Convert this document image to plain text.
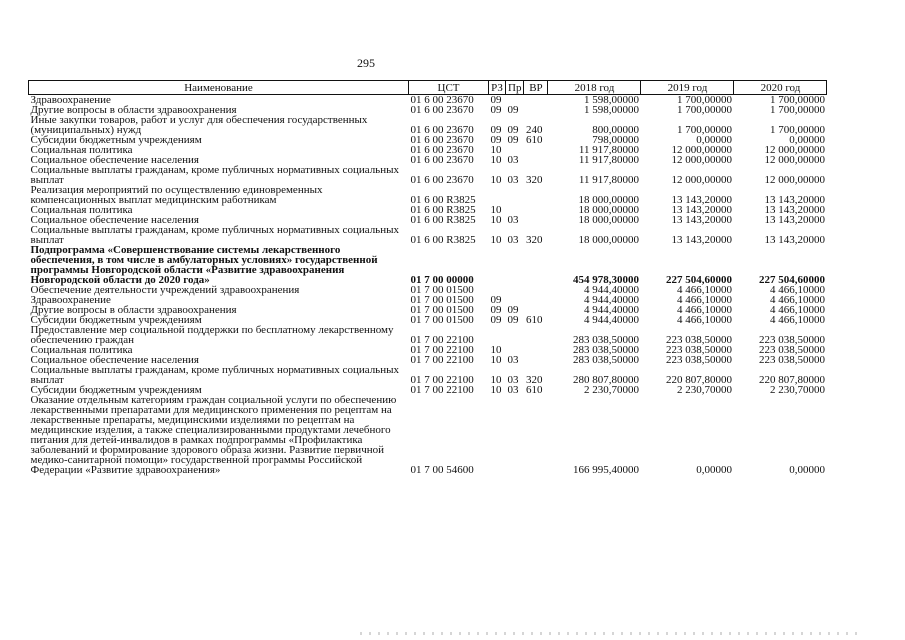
295
Наименование	ЦСТ	РЗ	Пр	ВР	2018 год	2019 год	2020 год
Здравоохранение	01 6 00 23670	09			1 598,00000	1 700,00000	1 700,00000
Другие вопросы в области здравоохранения	01 6 00 23670	09	09		1 598,00000	1 700,00000	1 700,00000
Иные закупки товаров, работ и услуг для обеспечения государственных (муниципальных) нужд	01 6 00 23670	09	09	240	800,00000	1 700,00000	1 700,00000
Субсидии бюджетным учреждениям	01 6 00 23670	09	09	610	798,00000	0,00000	0,00000
Социальная политика	01 6 00 23670	10			11 917,80000	12 000,00000	12 000,00000
Социальное обеспечение населения	01 6 00 23670	10	03		11 917,80000	12 000,00000	12 000,00000
Социальные выплаты гражданам, кроме публичных нормативных социальных выплат	01 6 00 23670	10	03	320	11 917,80000	12 000,00000	12 000,00000
Реализация мероприятий по осуществлению единовременных компенсационных выплат медицинским работникам	01 6 00 R3825				18 000,00000	13 143,20000	13 143,20000
Социальная политика	01 6 00 R3825	10			18 000,00000	13 143,20000	13 143,20000
Социальное обеспечение населения	01 6 00 R3825	10	03		18 000,00000	13 143,20000	13 143,20000
Социальные выплаты гражданам, кроме публичных нормативных социальных выплат	01 6 00 R3825	10	03	320	18 000,00000	13 143,20000	13 143,20000
Подпрограмма «Совершенствование системы лекарственного обеспечения, в том числе в амбулаторных условиях» государственной программы Новгородской области «Развитие здравоохранения Новгородской области до 2020 года»	01 7 00 00000				454 978,30000	227 504,60000	227 504,60000
Обеспечение деятельности учреждений здравоохранения	01 7 00 01500				4 944,40000	4 466,10000	4 466,10000
Здравоохранение	01 7 00 01500	09			4 944,40000	4 466,10000	4 466,10000
Другие вопросы в области здравоохранения	01 7 00 01500	09	09		4 944,40000	4 466,10000	4 466,10000
Субсидии бюджетным учреждениям	01 7 00 01500	09	09	610	4 944,40000	4 466,10000	4 466,10000
Предоставление мер социальной поддержки по бесплатному лекарственному обеспечению граждан	01 7 00 22100				283 038,50000	223 038,50000	223 038,50000
Социальная политика	01 7 00 22100	10			283 038,50000	223 038,50000	223 038,50000
Социальное обеспечение населения	01 7 00 22100	10	03		283 038,50000	223 038,50000	223 038,50000
Социальные выплаты гражданам, кроме публичных нормативных социальных выплат	01 7 00 22100	10	03	320	280 807,80000	220 807,80000	220 807,80000
Субсидии бюджетным учреждениям	01 7 00 22100	10	03	610	2 230,70000	2 230,70000	2 230,70000
Оказание отдельным категориям граждан социальной услуги по обеспечению лекарственными препаратами для медицинского применения по рецептам на лекарственные препараты, медицинскими изделиями по рецептам на медицинские изделия, а также специализированными продуктами лечебного питания для детей-инвалидов в рамках подпрограммы «Профилактика заболеваний и формирование здорового образа жизни. Развитие первичной медико-санитарной помощи» государственной программы Российской Федерации «Развитие здравоохранения»	01 7 00 54600				166 995,40000	0,00000	0,00000
